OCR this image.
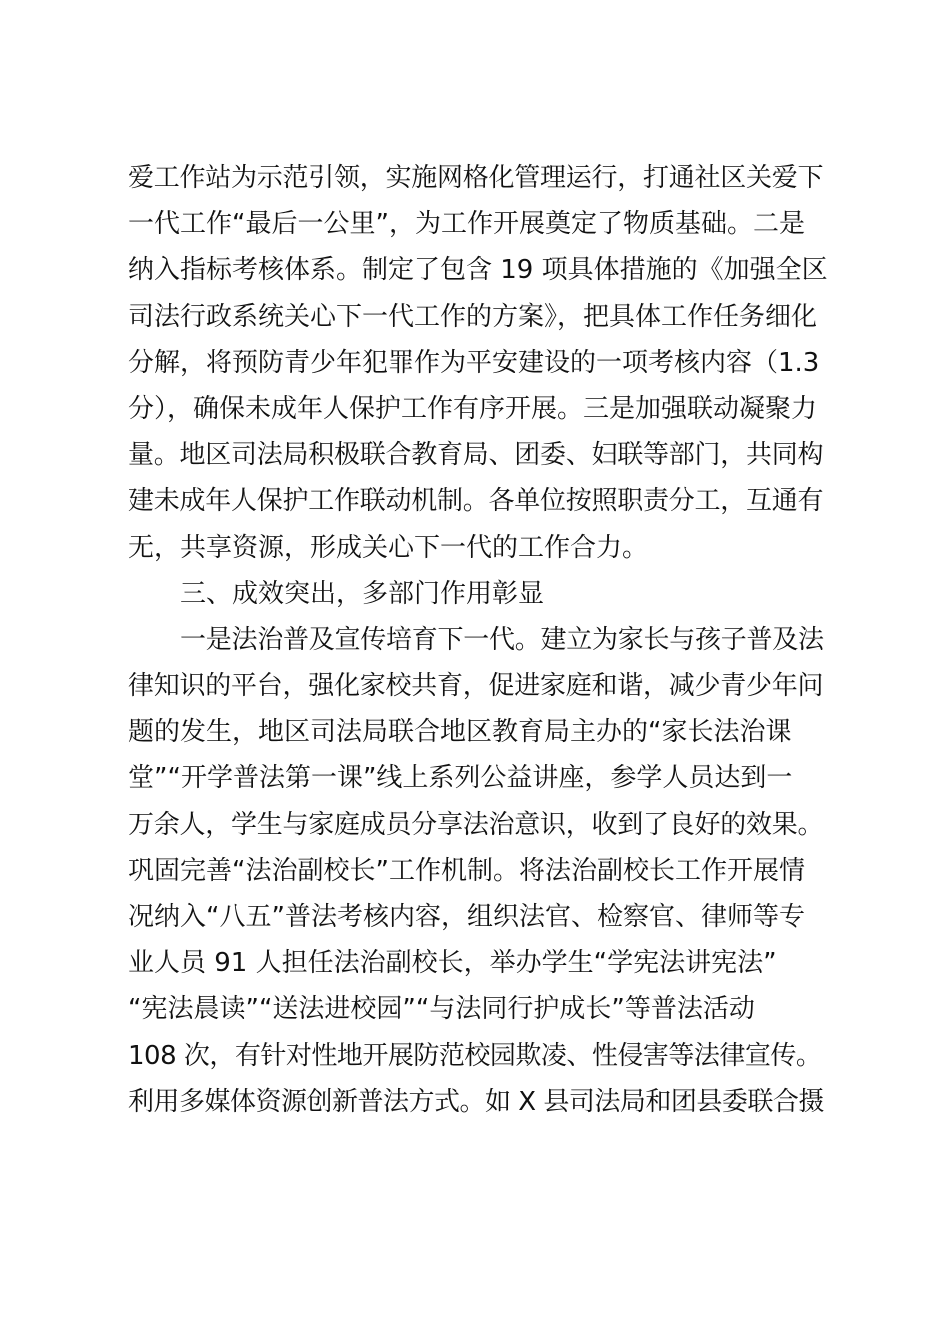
爱工作站为示范引领，实施网格化管理运行，打通社区关爱下
一代工作“最后一公里”，为工作开展奠定了物质基础。二是
纳入指标考核体系。制定了包含 19 项具体措施的《加强全区
司法行政系统关心下一代工作的方案》，把具体工作任务细化
分解，将预防青少年犯罪作为平安建设的一项考核内容（1.3
分），确保未成年人保护工作有序开展。三是加强联动凝聚力
量。地区司法局积极联合教育局、团委、妇联等部门，共同构
建未成年人保护工作联动机制。各单位按照职责分工，互通有
无，共享资源，形成关心下一代的工作合力。
三、成效突出，多部门作用彰显
一是法治普及宣传培育下一代。建立为家长与孩子普及法
律知识的平台，强化家校共育，促进家庭和谐，减少青少年问
题的发生，地区司法局联合地区教育局主办的“家长法治课
堂”“开学普法第一课”线上系列公益讲座，参学人员达到一
万余人，学生与家庭成员分享法治意识，收到了良好的效果。
巩固完善“法治副校长”工作机制。将法治副校长工作开展情
况纳入“八五”普法考核内容，组织法官、检察官、律师等专
业人员 91 人担任法治副校长，举办学生“学宪法讲宪法”
“宪法晨读”“送法进校园”“与法同行护成长”等普法活动
108 次，有针对性地开展防范校园欺凌、性侵害等法律宣传。
利用多媒体资源创新普法方式。如 X 县司法局和团县委联合摄
